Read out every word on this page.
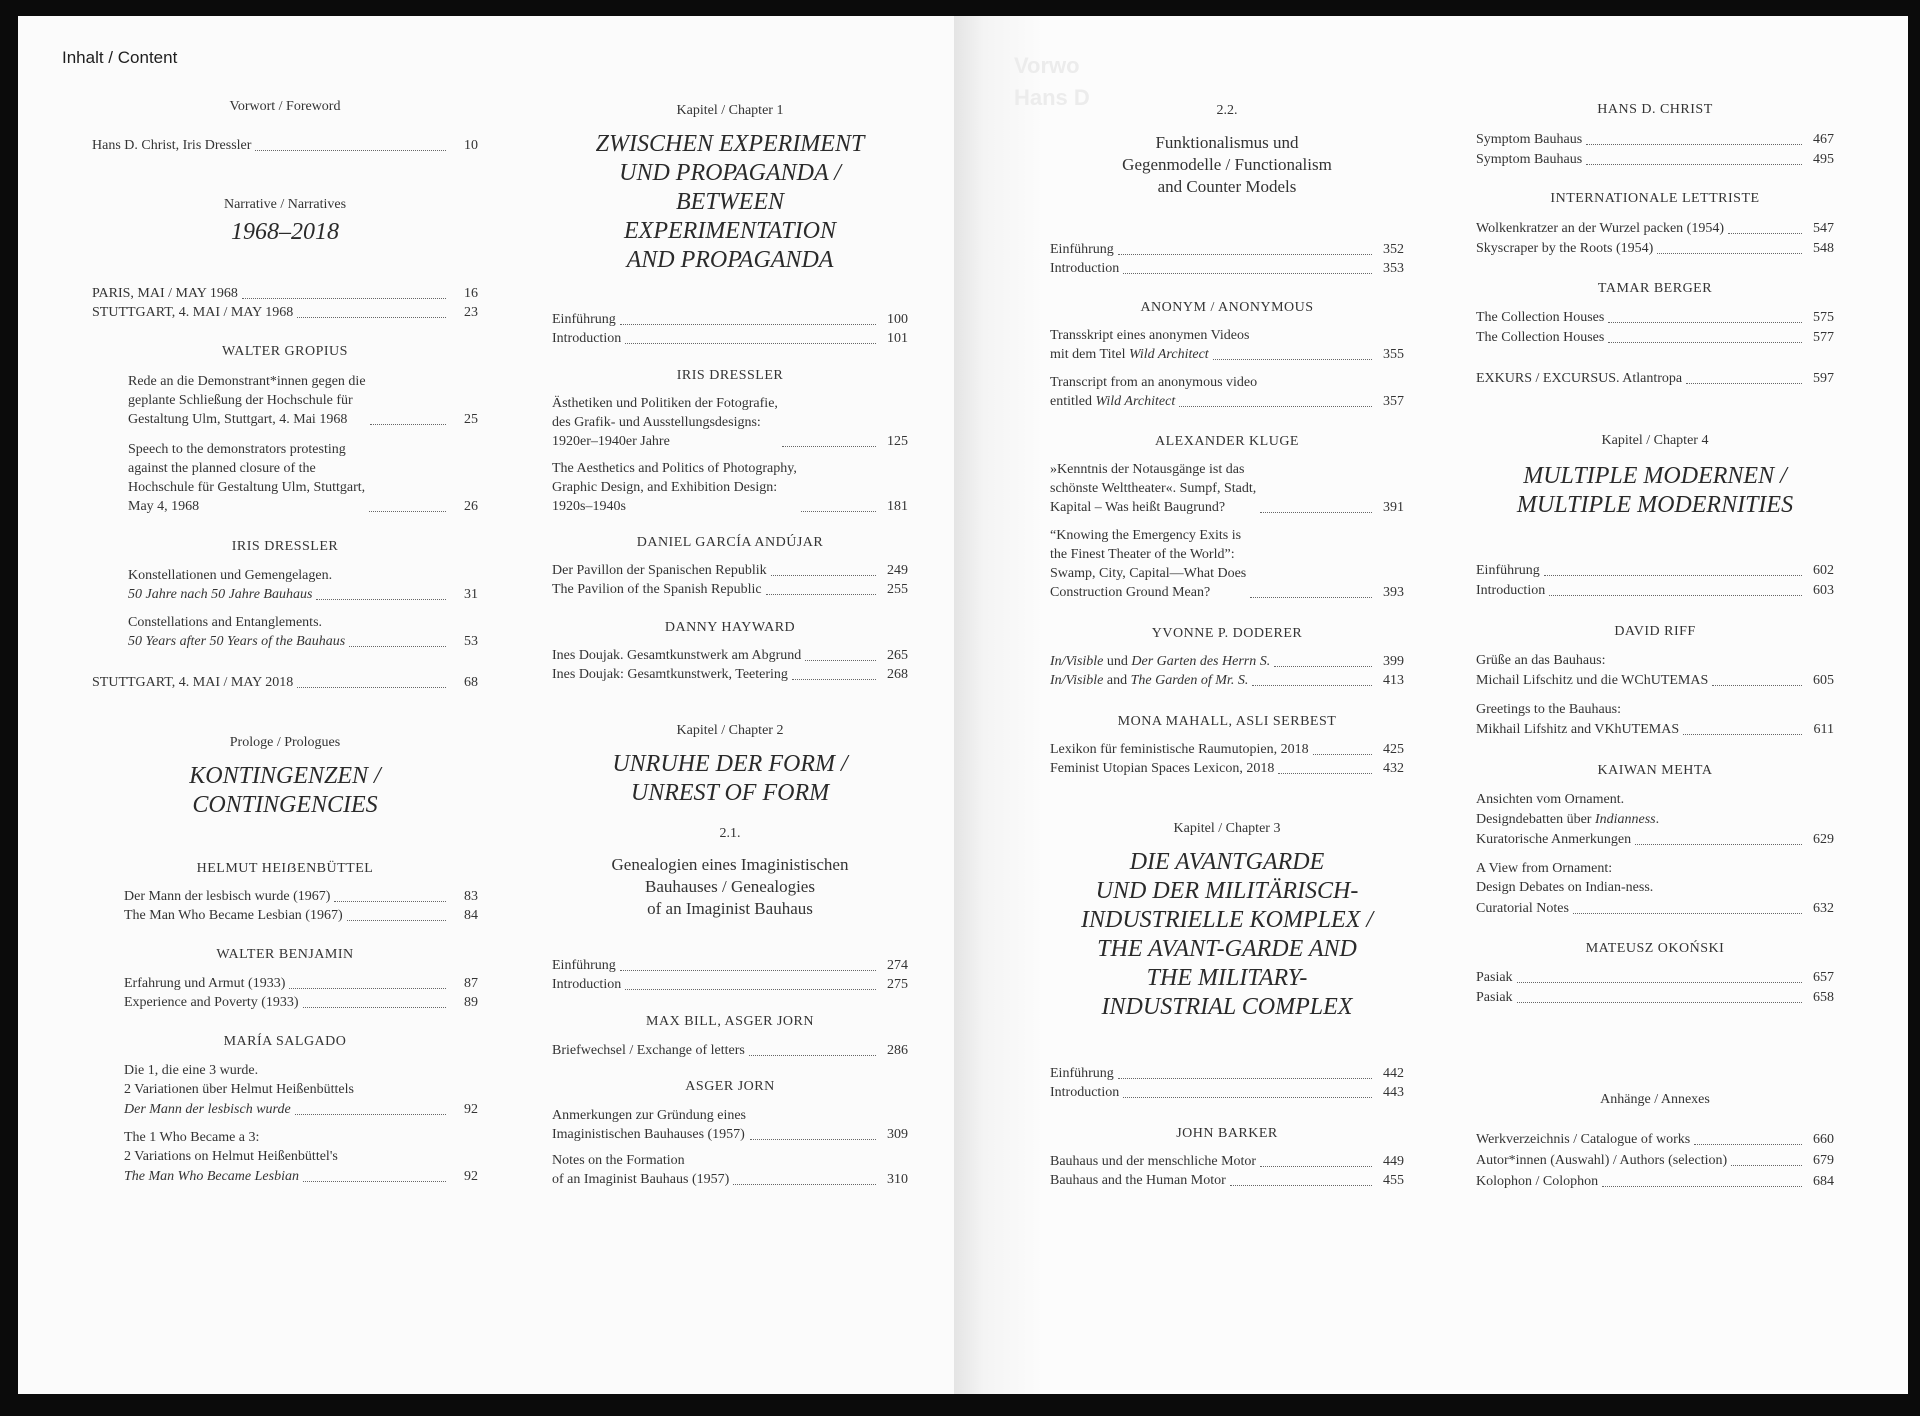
Vorwo
Hans D
Inhalt / Content
Vorwort / Foreword
Hans D. Christ, Iris Dressler	10
Narrative / Narratives
1968–2018
PARIS, MAI / MAY 1968	16
STUTTGART, 4. MAI / MAY 1968	23
WALTER GROPIUS
Rede an die Demonstrant*innen gegen die
geplante Schließung der Hochschule für
Gestaltung Ulm, Stuttgart, 4. Mai 1968	25
Speech to the demonstrators protesting
against the planned closure of the
Hochschule für Gestaltung Ulm, Stuttgart,
May 4, 1968	26
IRIS DRESSLER
Konstellationen und Gemengelagen.
50 Jahre nach 50 Jahre Bauhaus	31
Constellations and Entanglements.
50 Years after 50 Years of the Bauhaus	53
STUTTGART, 4. MAI / MAY 2018	68
Prologe / Prologues
KONTINGENZEN /
CONTINGENCIES
HELMUT HEIẞENBÜTTEL
Der Mann der lesbisch wurde (1967)	83
The Man Who Became Lesbian (1967)	84
WALTER BENJAMIN
Erfahrung und Armut (1933)	87
Experience and Poverty (1933)	89
MARÍA SALGADO
Die 1, die eine 3 wurde.
2 Variationen über Helmut Heißenbüttels
Der Mann der lesbisch wurde	92
The 1 Who Became a 3:
2 Variations on Helmut Heißenbüttel's
The Man Who Became Lesbian	92
Kapitel / Chapter 1
ZWISCHEN EXPERIMENT
UND PROPAGANDA /
BETWEEN
EXPERIMENTATION
AND PROPAGANDA
Einführung	100
Introduction	101
IRIS DRESSLER
Ästhetiken und Politiken der Fotografie,
des Grafik- und Ausstellungsdesigns:
1920er–1940er Jahre	125
The Aesthetics and Politics of Photography,
Graphic Design, and Exhibition Design:
1920s–1940s	181
DANIEL GARCÍA ANDÚJAR
Der Pavillon der Spanischen Republik	249
The Pavilion of the Spanish Republic	255
DANNY HAYWARD
Ines Doujak. Gesamtkunstwerk am Abgrund	265
Ines Doujak: Gesamtkunstwerk, Teetering	268
Kapitel / Chapter 2
UNRUHE DER FORM /
UNREST OF FORM
2.1.
Genealogien eines Imaginistischen
Bauhauses / Genealogies
of an Imaginist Bauhaus
Einführung	274
Introduction	275
MAX BILL, ASGER JORN
Briefwechsel / Exchange of letters	286
ASGER JORN
Anmerkungen zur Gründung eines
Imaginistischen Bauhauses (1957)	309
Notes on the Formation
of an Imaginist Bauhaus (1957)	310
2.2.
Funktionalismus und
Gegenmodelle / Functionalism
and Counter Models
Einführung	352
Introduction	353
ANONYM / ANONYMOUS
Transskript eines anonymen Videos
mit dem Titel Wild Architect	355
Transcript from an anonymous video
entitled Wild Architect	357
ALEXANDER KLUGE
»Kenntnis der Notausgänge ist das
schönste Welttheater«. Sumpf, Stadt,
Kapital – Was heißt Baugrund?	391
“Knowing the Emergency Exits is
the Finest Theater of the World”:
Swamp, City, Capital—What Does
Construction Ground Mean?	393
YVONNE P. DODERER
In/Visible und Der Garten des Herrn S.	399
In/Visible and The Garden of Mr. S.	413
MONA MAHALL, ASLI SERBEST
Lexikon für feministische Raumutopien, 2018	425
Feminist Utopian Spaces Lexicon, 2018	432
Kapitel / Chapter 3
DIE AVANTGARDE
UND DER MILITÄRISCH-
INDUSTRIELLE KOMPLEX /
THE AVANT-GARDE AND
THE MILITARY-
INDUSTRIAL COMPLEX
Einführung	442
Introduction	443
JOHN BARKER
Bauhaus und der menschliche Motor	449
Bauhaus and the Human Motor	455
HANS D. CHRIST
Symptom Bauhaus	467
Symptom Bauhaus	495
INTERNATIONALE LETTRISTE
Wolkenkratzer an der Wurzel packen (1954)	547
Skyscraper by the Roots (1954)	548
TAMAR BERGER
The Collection Houses	575
The Collection Houses	577
EXKURS / EXCURSUS. Atlantropa	597
Kapitel / Chapter 4
MULTIPLE MODERNEN /
MULTIPLE MODERNITIES
Einführung	602
Introduction	603
DAVID RIFF
Grüße an das Bauhaus:
Michail Lifschitz und die WChUTEMAS	605
Greetings to the Bauhaus:
Mikhail Lifshitz and VKhUTEMAS	611
KAIWAN MEHTA
Ansichten vom Ornament.
Designdebatten über Indianness.
Kuratorische Anmerkungen	629
A View from Ornament:
Design Debates on Indian-ness.
Curatorial Notes	632
MATEUSZ OKOŃSKI
Pasiak	657
Pasiak	658
Anhänge / Annexes
Werkverzeichnis / Catalogue of works	660
Autor*innen (Auswahl) / Authors (selection)	679
Kolophon / Colophon	684
